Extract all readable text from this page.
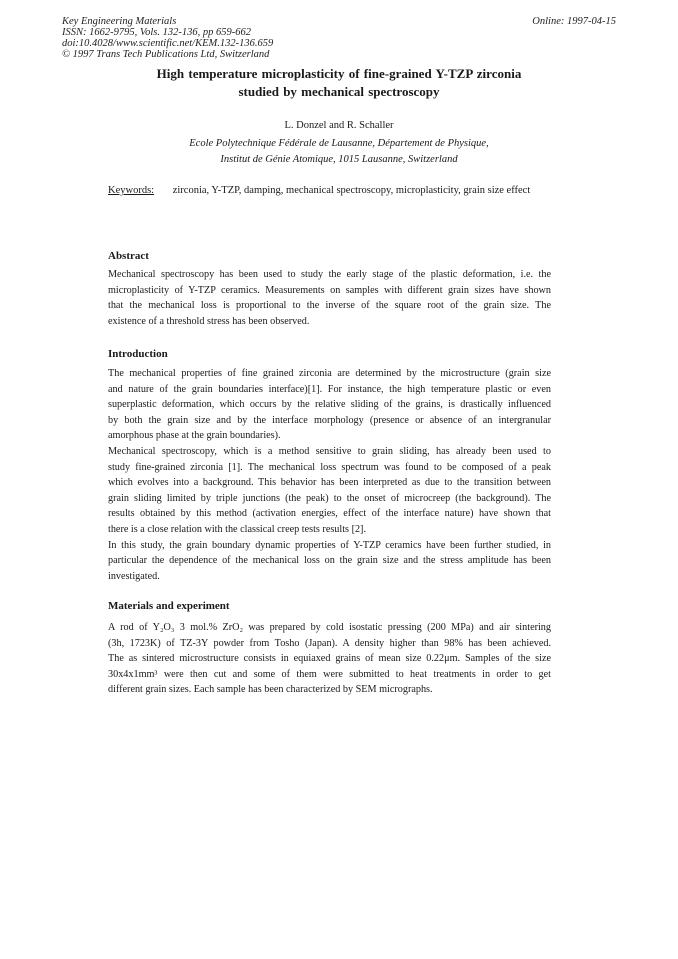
Key Engineering Materials
ISSN: 1662-9795, Vols. 132-136, pp 659-662
doi:10.4028/www.scientific.net/KEM.132-136.659
© 1997 Trans Tech Publications Ltd, Switzerland
Online: 1997-04-15
High temperature microplasticity of fine-grained Y-TZP zirconia
studied by mechanical spectroscopy
L. Donzel and R. Schaller
Ecole Polytechnique Fédérale de Lausanne, Département de Physique,
Institut de Génie Atomique, 1015 Lausanne, Switzerland
Keywords: zirconia, Y-TZP, damping, mechanical spectroscopy, microplasticity, grain size effect
Abstract
Mechanical spectroscopy has been used to study the early stage of the plastic deformation, i.e. the
microplasticity of Y-TZP ceramics. Measurements on samples with different grain sizes have shown
that the mechanical loss is proportional to the inverse of the square root of the grain size. The
existence of a threshold stress has been observed.
Introduction
The mechanical properties of fine grained zirconia are determined by the microstructure (grain size
and nature of the grain boundaries interface)[1]. For instance, the high temperature plastic or even
superplastic deformation, which occurs by the relative sliding of the grains, is drastically influenced
by both the grain size and by the interface morphology (presence or absence of an intergranular
amorphous phase at the grain boundaries).
Mechanical spectroscopy, which is a method sensitive to grain sliding, has already been used to
study fine-grained zirconia [1]. The mechanical loss spectrum was found to be composed of a peak
which evolves into a background. This behavior has been interpreted as due to the transition between
grain sliding limited by triple junctions (the peak) to the onset of microcreep (the background). The
results obtained by this method (activation energies, effect of the interface nature) have shown that
there is a close relation with the classical creep tests results [2].
In this study, the grain boundary dynamic properties of Y-TZP ceramics have been further studied, in
particular the dependence of the mechanical loss on the grain size and the stress amplitude has been
investigated.
Materials and experiment
A rod of Y₂O₃ 3 mol.% ZrO₂ was prepared by cold isostatic pressing (200 MPa) and air sintering
(3h, 1723K) of TZ-3Y powder from Tosho (Japan). A density higher than 98% has been achieved.
The as sintered microstructure consists in equiaxed grains of mean size 0.22μm. Samples of the size
30x4x1mm³ were then cut and some of them were submitted to heat treatments in order to get
different grain sizes. Each sample has been characterized by SEM micrographs.
